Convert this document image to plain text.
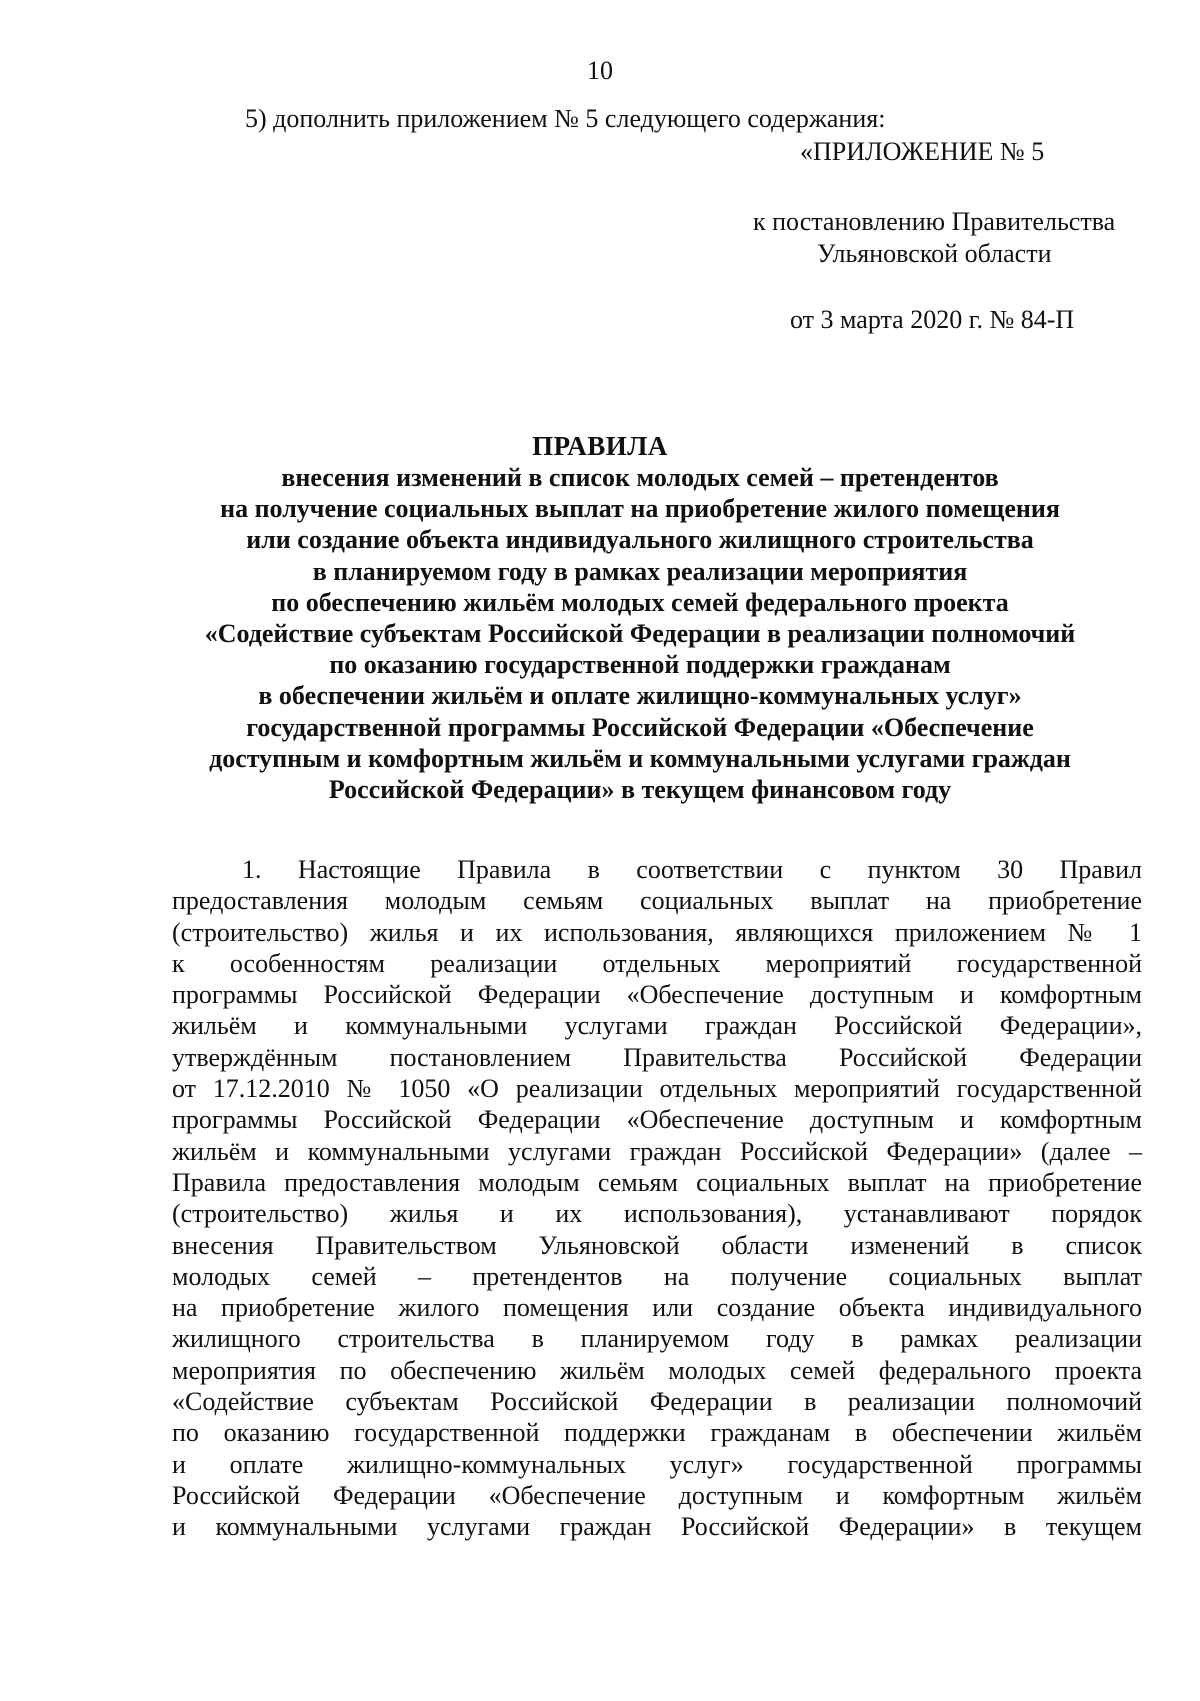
10
5) дополнить приложением № 5 следующего содержания:
«ПРИЛОЖЕНИЕ № 5
к постановлению Правительства
Ульяновской области
от 3 марта 2020 г. № 84-П
ПРАВИЛА
внесения изменений в список молодых семей – претендентов
на получение социальных выплат на приобретение жилого помещения
или создание объекта индивидуального жилищного строительства
в планируемом году в рамках реализации мероприятия
по обеспечению жильём молодых семей федерального проекта
«Содействие субъектам Российской Федерации в реализации полномочий
по оказанию государственной поддержки гражданам
в обеспечении жильём и оплате жилищно-коммунальных услуг»
государственной программы Российской Федерации «Обеспечение
доступным и комфортным жильём и коммунальными услугами граждан
Российской Федерации» в текущем финансовом году
1. Настоящие Правила в соответствии с пунктом 30 Правил
предоставления молодым семьям социальных выплат на приобретение
(строительство) жилья и их использования, являющихся приложением № 1
к особенностям реализации отдельных мероприятий государственной
программы Российской Федерации «Обеспечение доступным и комфортным
жильём и коммунальными услугами граждан Российской Федерации»,
утверждённым постановлением Правительства Российской Федерации
от 17.12.2010 № 1050 «О реализации отдельных мероприятий государственной
программы Российской Федерации «Обеспечение доступным и комфортным
жильём и коммунальными услугами граждан Российской Федерации» (далее –
Правила предоставления молодым семьям социальных выплат на приобретение
(строительство) жилья и их использования), устанавливают порядок
внесения Правительством Ульяновской области изменений в список
молодых семей – претендентов на получение социальных выплат
на приобретение жилого помещения или создание объекта индивидуального
жилищного строительства в планируемом году в рамках реализации
мероприятия по обеспечению жильём молодых семей федерального проекта
«Содействие субъектам Российской Федерации в реализации полномочий
по оказанию государственной поддержки гражданам в обеспечении жильём
и оплате жилищно-коммунальных услуг» государственной программы
Российской Федерации «Обеспечение доступным и комфортным жильём
и коммунальными услугами граждан Российской Федерации» в текущем
